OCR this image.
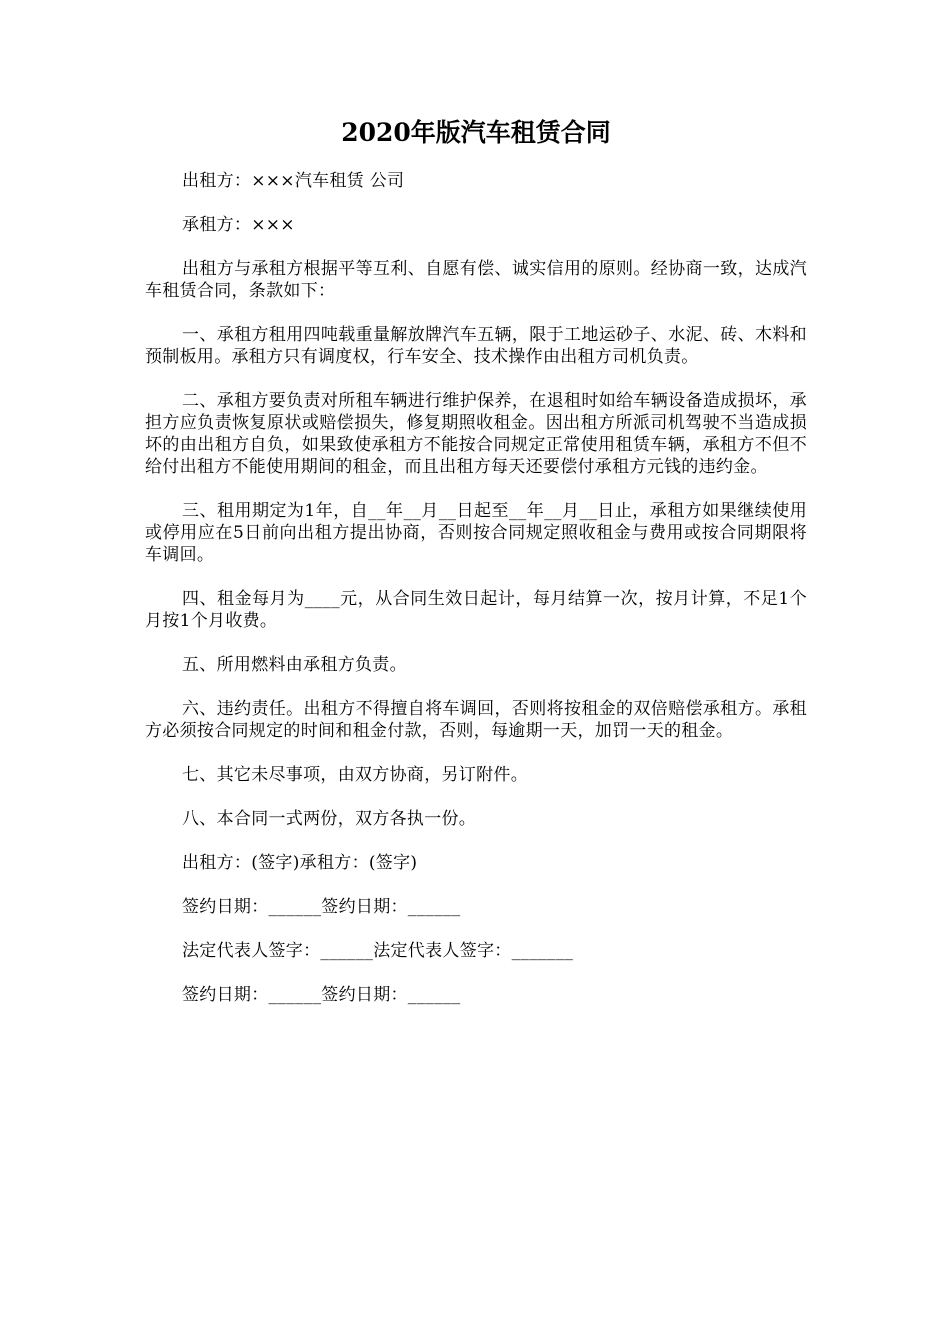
2020年版汽车租赁合同
出租方：×××汽车租赁 公司
承租方：×××
出租方与承租方根据平等互利、自愿有偿、诚实信用的原则。经协商一致，达成汽车租赁合同，条款如下：
一、承租方租用四吨载重量解放牌汽车五辆，限于工地运砂子、水泥、砖、木料和预制板用。承租方只有调度权，行车安全、技术操作由出租方司机负责。
二、承租方要负责对所租车辆进行维护保养，在退租时如给车辆设备造成损坏，承担方应负责恢复原状或赔偿损失，修复期照收租金。因出租方所派司机驾驶不当造成损坏的由出租方自负，如果致使承租方不能按合同规定正常使用租赁车辆，承租方不但不给付出租方不能使用期间的租金，而且出租方每天还要偿付承租方元钱的违约金。
三、租用期定为1年，自__年__月__日起至__年__月__日止，承租方如果继续使用或停用应在5日前向出租方提出协商，否则按合同规定照收租金与费用或按合同期限将车调回。
四、租金每月为____元，从合同生效日起计，每月结算一次，按月计算，不足1个月按1个月收费。
五、所用燃料由承租方负责。
六、违约责任。出租方不得擅自将车调回，否则将按租金的双倍赔偿承租方。承租方必须按合同规定的时间和租金付款，否则，每逾期一天，加罚一天的租金。
七、其它未尽事项，由双方协商，另订附件。
八、本合同一式两份，双方各执一份。
出租方：(签字)承租方：(签字)
签约日期：______签约日期：______
法定代表人签字：______法定代表人签字：_______
签约日期：______签约日期：______
